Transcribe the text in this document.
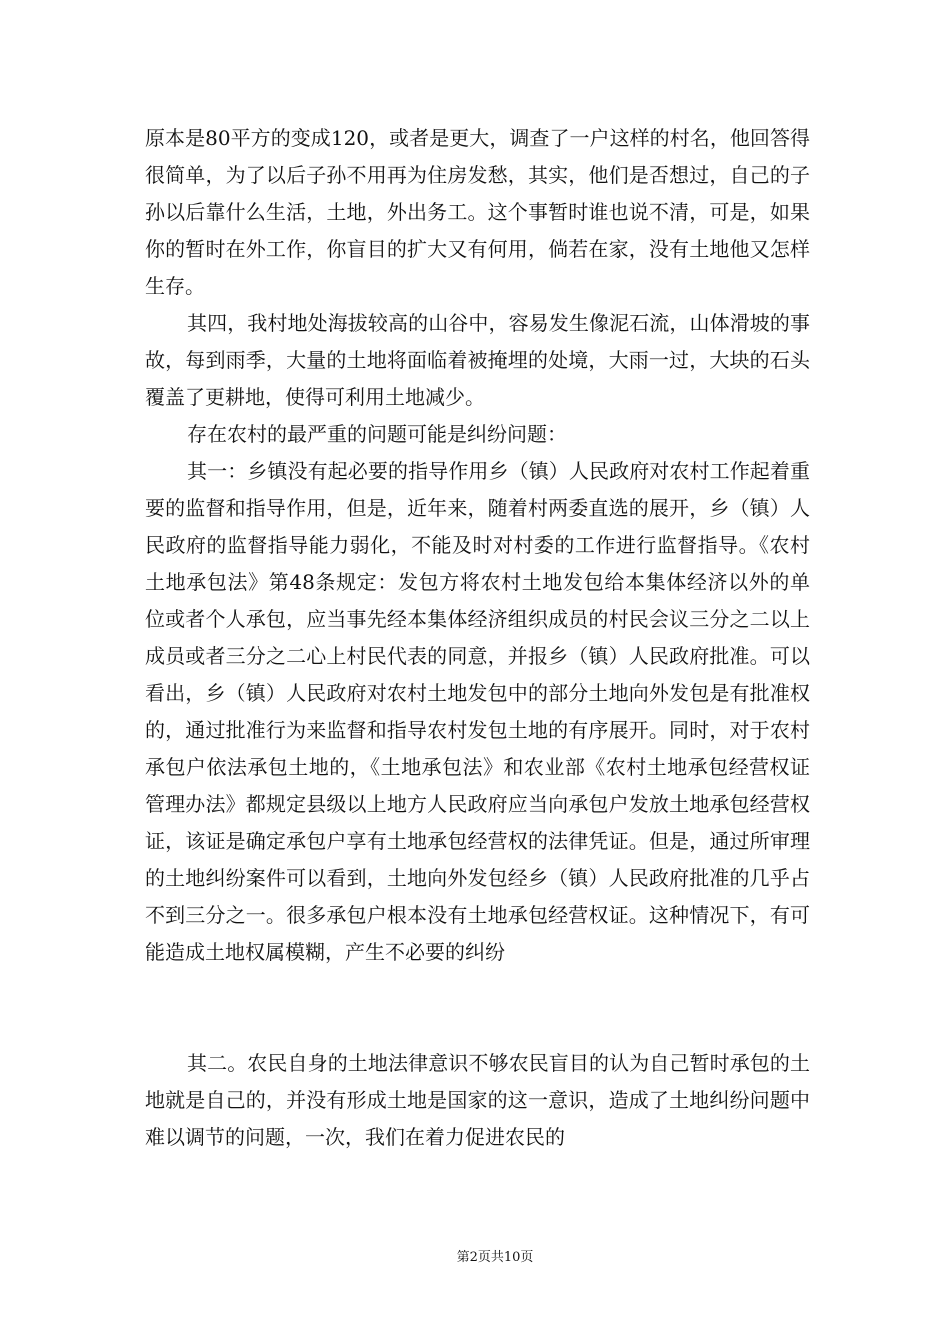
原本是80平方的变成120，或者是更大，调查了一户这样的村名，他回答得很简单，为了以后子孙不用再为住房发愁，其实，他们是否想过，自己的子孙以后靠什么生活，土地，外出务工。这个事暂时谁也说不清，可是，如果你的暂时在外工作，你盲目的扩大又有何用，倘若在家，没有土地他又怎样生存。

其四，我村地处海拔较高的山谷中，容易发生像泥石流，山体滑坡的事故，每到雨季，大量的土地将面临着被掩埋的处境，大雨一过，大块的石头覆盖了更耕地，使得可利用土地减少。

存在农村的最严重的问题可能是纠纷问题：

其一：乡镇没有起必要的指导作用乡（镇）人民政府对农村工作起着重要的监督和指导作用，但是，近年来，随着村两委直选的展开，乡（镇）人民政府的监督指导能力弱化，不能及时对村委的工作进行监督指导。《农村土地承包法》第48条规定：发包方将农村土地发包给本集体经济以外的单位或者个人承包，应当事先经本集体经济组织成员的村民会议三分之二以上成员或者三分之二心上村民代表的同意，并报乡（镇）人民政府批准。可以看出，乡（镇）人民政府对农村土地发包中的部分土地向外发包是有批准权的，通过批准行为来监督和指导农村发包土地的有序展开。同时，对于农村承包户依法承包土地的，《土地承包法》和农业部《农村土地承包经营权证管理办法》都规定县级以上地方人民政府应当向承包户发放土地承包经营权证，该证是确定承包户享有土地承包经营权的法律凭证。但是，通过所审理的土地纠纷案件可以看到，土地向外发包经乡（镇）人民政府批准的几乎占不到三分之一。很多承包户根本没有土地承包经营权证。这种情况下，有可能造成土地权属模糊，产生不必要的纠纷

其二。农民自身的土地法律意识不够农民盲目的认为自己暂时承包的土地就是自己的，并没有形成土地是国家的这一意识，造成了土地纠纷问题中难以调节的问题，一次，我们在着力促进农民的

第2页共10页
